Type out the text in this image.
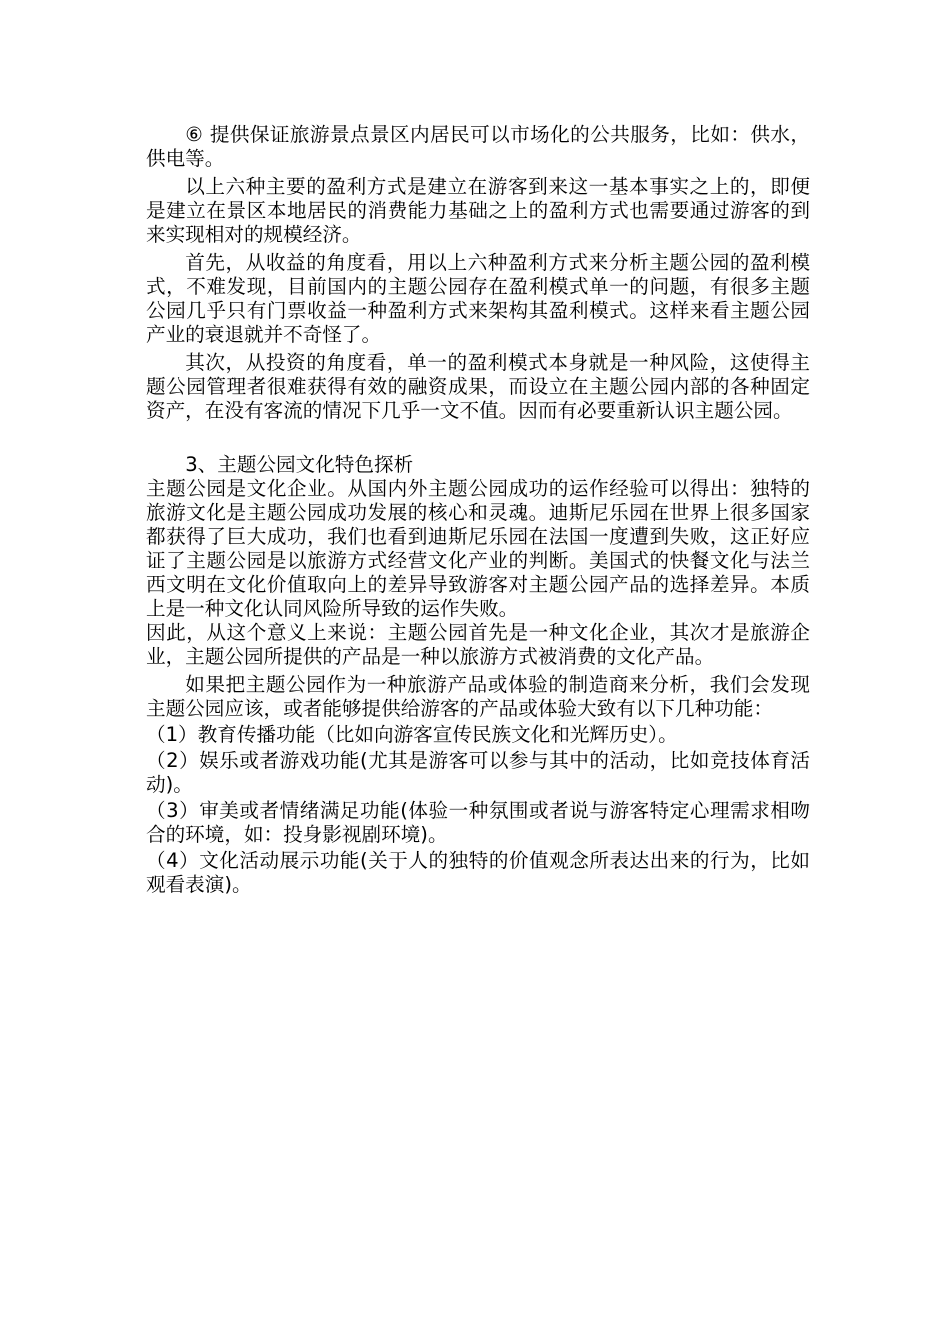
⑥ 提供保证旅游景点景区内居民可以市场化的公共服务，比如：供水，供电等。

以上六种主要的盈利方式是建立在游客到来这一基本事实之上的，即便是建立在景区本地居民的消费能力基础之上的盈利方式也需要通过游客的到来实现相对的规模经济。

首先，从收益的角度看，用以上六种盈利方式来分析主题公园的盈利模式，不难发现，目前国内的主题公园存在盈利模式单一的问题，有很多主题公园几乎只有门票收益一种盈利方式来架构其盈利模式。这样来看主题公园产业的衰退就并不奇怪了。

其次，从投资的角度看，单一的盈利模式本身就是一种风险，这使得主题公园管理者很难获得有效的融资成果，而设立在主题公园内部的各种固定资产，在没有客流的情况下几乎一文不值。因而有必要重新认识主题公园。

3、主题公园文化特色探析

主题公园是文化企业。从国内外主题公园成功的运作经验可以得出：独特的旅游文化是主题公园成功发展的核心和灵魂。迪斯尼乐园在世界上很多国家都获得了巨大成功，我们也看到迪斯尼乐园在法国一度遭到失败，这正好应证了主题公园是以旅游方式经营文化产业的判断。美国式的快餐文化与法兰西文明在文化价值取向上的差异导致游客对主题公园产品的选择差异。本质上是一种文化认同风险所导致的运作失败。

因此，从这个意义上来说：主题公园首先是一种文化企业，其次才是旅游企业，主题公园所提供的产品是一种以旅游方式被消费的文化产品。

如果把主题公园作为一种旅游产品或体验的制造商来分析，我们会发现主题公园应该，或者能够提供给游客的产品或体验大致有以下几种功能：

（1）教育传播功能（比如向游客宣传民族文化和光辉历史）。

（2）娱乐或者游戏功能(尤其是游客可以参与其中的活动，比如竞技体育活动)。

（3）审美或者情绪满足功能(体验一种氛围或者说与游客特定心理需求相吻合的环境，如：投身影视剧环境)。

（4）文化活动展示功能(关于人的独特的价值观念所表达出来的行为，比如观看表演)。
